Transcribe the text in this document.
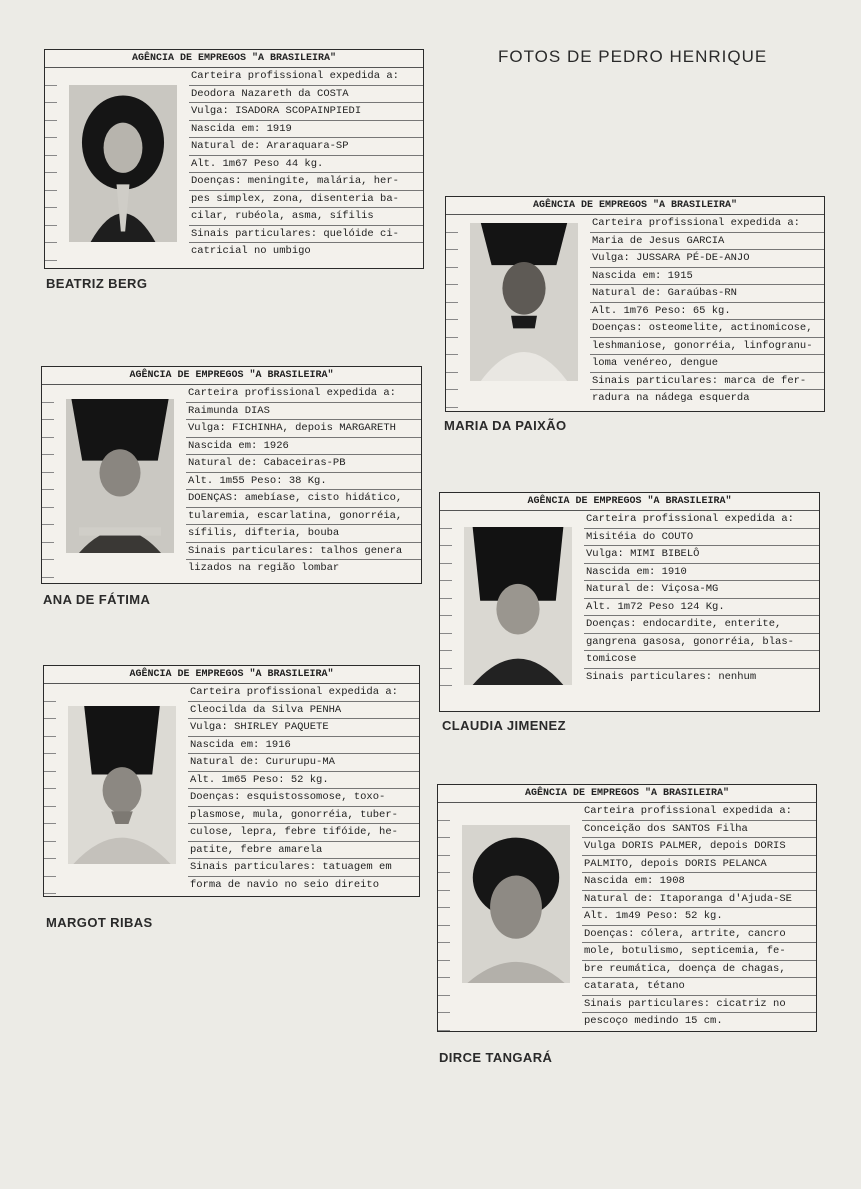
FOTOS DE PEDRO HENRIQUE
AGÊNCIA DE EMPREGOS "A BRASILEIRA"
Carteira profissional expedida a:
Deodora Nazareth da COSTA
Vulga: ISADORA SCOPAINPIEDI
Nascida em: 1919
Natural de: Araraquara-SP
Alt. 1m67 Peso 44 kg.
Doenças: meningite, malária, her-
pes simplex, zona, disenteria ba-
cilar, rubéola, asma, sífilis
Sinais particulares: quelóide ci-
catricial no umbigo
BEATRIZ BERG
AGÊNCIA DE EMPREGOS "A BRASILEIRA"
Carteira profissional expedida a:
Maria de Jesus GARCIA
Vulga: JUSSARA PÉ-DE-ANJO
Nascida em: 1915
Natural de: Garaúbas-RN
Alt. 1m76 Peso: 65 kg.
Doenças: osteomelite, actinomicose,
leshmaniose, gonorréia, linfogranu-
loma venéreo, dengue
Sinais particulares: marca de fer-
radura na nádega esquerda
MARIA DA PAIXÃO
AGÊNCIA DE EMPREGOS "A BRASILEIRA"
Carteira profissional expedida a:
Raimunda DIAS
Vulga: FICHINHA, depois MARGARETH
Nascida em: 1926
Natural de: Cabaceiras-PB
Alt. 1m55 Peso: 38 Kg.
DOENÇAS: amebíase, cisto hidático,
tularemia, escarlatina, gonorréia,
sífilis, difteria, bouba
Sinais particulares: talhos genera
lizados na região lombar
ANA DE FÁTIMA
AGÊNCIA DE EMPREGOS "A BRASILEIRA"
Carteira profissional expedida a:
Misitéia do COUTO
Vulga: MIMI BIBELÔ
Nascida em: 1910
Natural de: Viçosa-MG
Alt. 1m72 Peso 124 Kg.
Doenças: endocardite, enterite,
gangrena gasosa, gonorréia, blas-
tomicose
Sinais particulares: nenhum
CLAUDIA JIMENEZ
AGÊNCIA DE EMPREGOS "A BRASILEIRA"
Carteira profissional expedida a:
Cleocilda da Silva PENHA
Vulga: SHIRLEY PAQUETE
Nascida em: 1916
Natural de: Cururupu-MA
Alt. 1m65 Peso: 52 kg.
Doenças: esquistossomose, toxo-
plasmose, mula, gonorréia, tuber-
culose, lepra, febre tifóide, he-
patite, febre amarela
Sinais particulares: tatuagem em
forma de navio no seio direito
MARGOT RIBAS
AGÊNCIA DE EMPREGOS "A BRASILEIRA"
Carteira profissional expedida a:
Conceição dos SANTOS Filha
Vulga DORIS PALMER, depois DORIS
PALMITO, depois DORIS PELANCA
Nascida em: 1908
Natural de: Itaporanga d'Ajuda-SE
Alt. 1m49 Peso: 52 kg.
Doenças: cólera, artrite, cancro
mole, botulismo, septicemia, fe-
bre reumática, doença de chagas,
catarata, tétano
Sinais particulares: cicatriz no
pescoço medindo 15 cm.
DIRCE TANGARÁ
